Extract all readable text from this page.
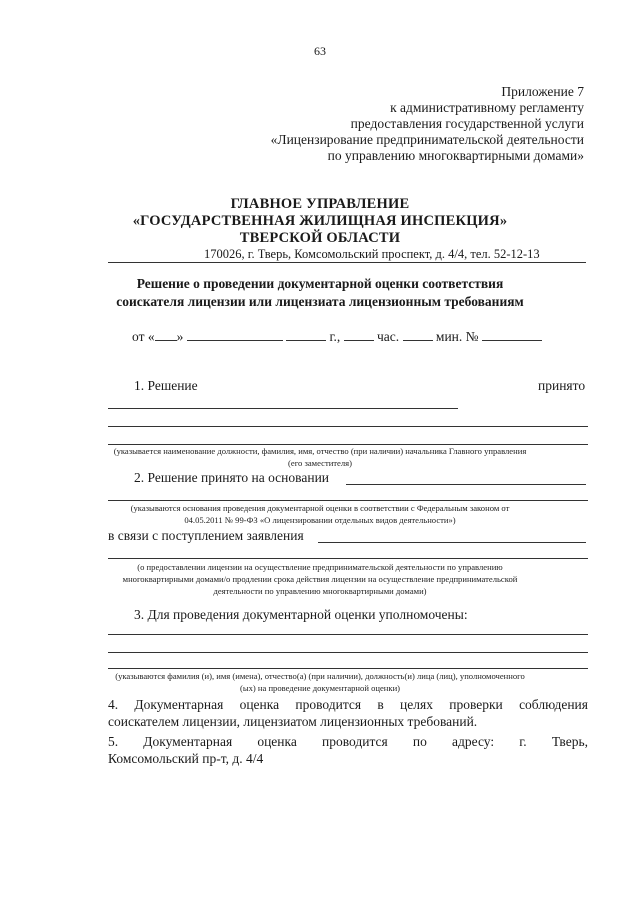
63
Приложение 7
к административному регламенту
предоставления государственной услуги
«Лицензирование предпринимательской деятельности
по управлению многоквартирными домами»
ГЛАВНОЕ УПРАВЛЕНИЕ
«ГОСУДАРСТВЕННАЯ ЖИЛИЩНАЯ ИНСПЕКЦИЯ»
ТВЕРСКОЙ ОБЛАСТИ
170026, г. Тверь, Комсомольский проспект, д. 4/4, тел. 52-12-13
Решение о проведении документарной оценки соответствия
соискателя лицензии или лицензиата лицензионным требованиям
от « »	г.,	час.	мин. №
1. Решение	принято
(указывается наименование должности, фамилия, имя, отчество (при наличии) начальника Главного управления
(его заместителя)
2. Решение принято на основании
(указываются основания проведения документарной оценки в соответствии с Федеральным законом от
04.05.2011 № 99-ФЗ «О лицензировании отдельных видов деятельности»)
в связи с поступлением заявления
(о предоставлении лицензии на осуществление предпринимательской деятельности по управлению
многоквартирными домами/о продлении срока действия лицензии на осуществление предпринимательской
деятельности по управлению многоквартирными домами)
3. Для проведения документарной оценки уполномочены:
(указываются фамилия (и), имя (имена), отчество(а) (при наличии), должность(и) лица (лиц), уполномоченного
(ых) на проведение документарной оценки)
4. Документарная оценка проводится в целях проверки соблюдения
соискателем лицензии, лицензиатом лицензионных требований.
5. Документарная оценка проводится по адресу: г. Тверь,
Комсомольский пр-т, д. 4/4
